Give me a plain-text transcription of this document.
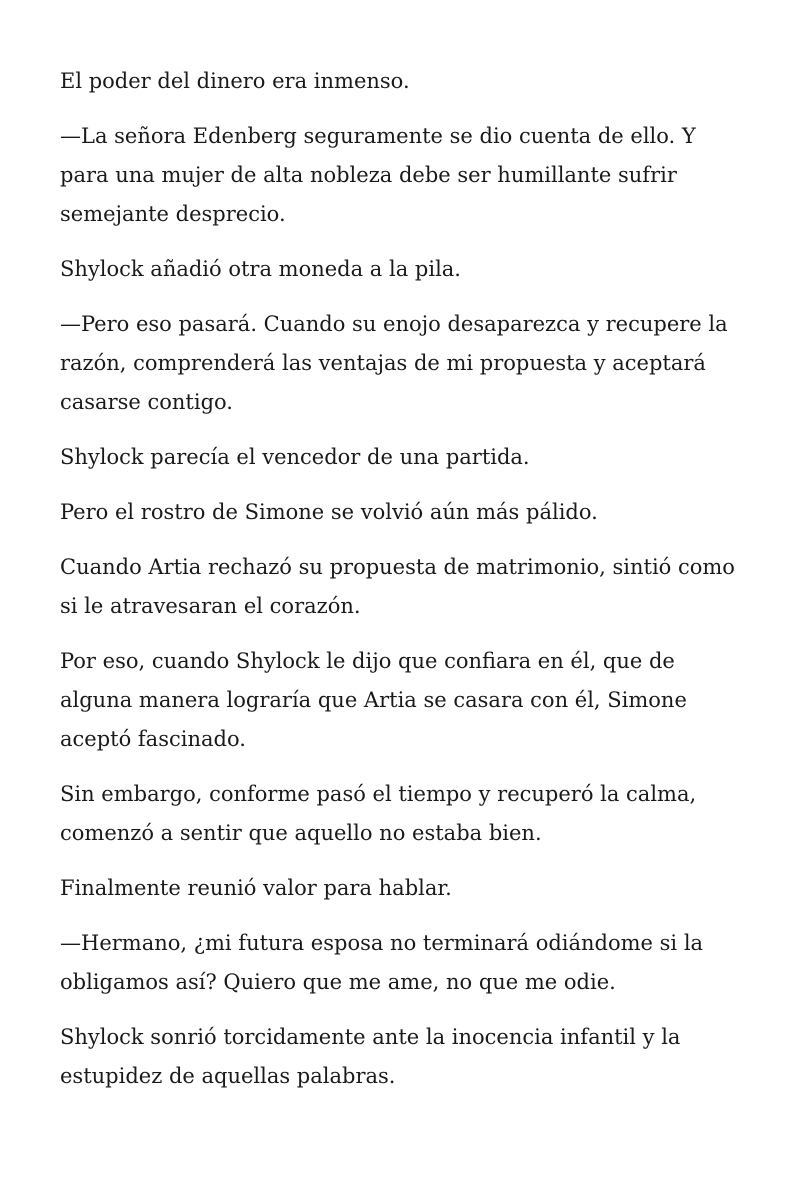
El poder del dinero era inmenso.

—La señora Edenberg seguramente se dio cuenta de ello. Y para una mujer de alta nobleza debe ser humillante sufrir semejante desprecio.

Shylock añadió otra moneda a la pila.

—Pero eso pasará. Cuando su enojo desaparezca y recupere la razón, comprenderá las ventajas de mi propuesta y aceptará casarse contigo.

Shylock parecía el vencedor de una partida.

Pero el rostro de Simone se volvió aún más pálido.

Cuando Artia rechazó su propuesta de matrimonio, sintió como si le atravesaran el corazón.

Por eso, cuando Shylock le dijo que confiara en él, que de alguna manera lograría que Artia se casara con él, Simone aceptó fascinado.

Sin embargo, conforme pasó el tiempo y recuperó la calma, comenzó a sentir que aquello no estaba bien.

Finalmente reunió valor para hablar.

—Hermano, ¿mi futura esposa no terminará odiándome si la obligamos así? Quiero que me ame, no que me odie.

Shylock sonrió torcidamente ante la inocencia infantil y la estupidez de aquellas palabras.
